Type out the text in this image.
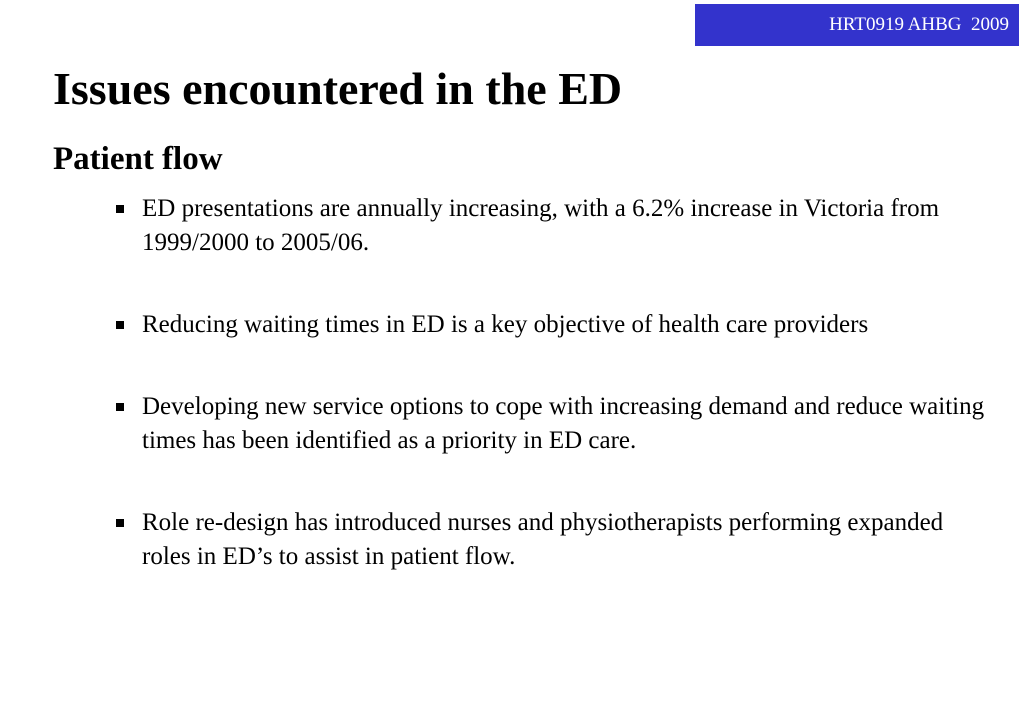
HRT0919 AHBG  2009
Issues encountered in the ED
Patient flow
ED presentations are annually increasing, with a 6.2% increase in Victoria from 1999/2000 to 2005/06.
Reducing waiting times in ED is a key objective of health care providers
Developing new service options to cope with increasing demand and reduce waiting times has been identified as a priority in ED care.
Role re-design has introduced nurses and physiotherapists performing expanded roles in ED’s to assist in patient flow.
